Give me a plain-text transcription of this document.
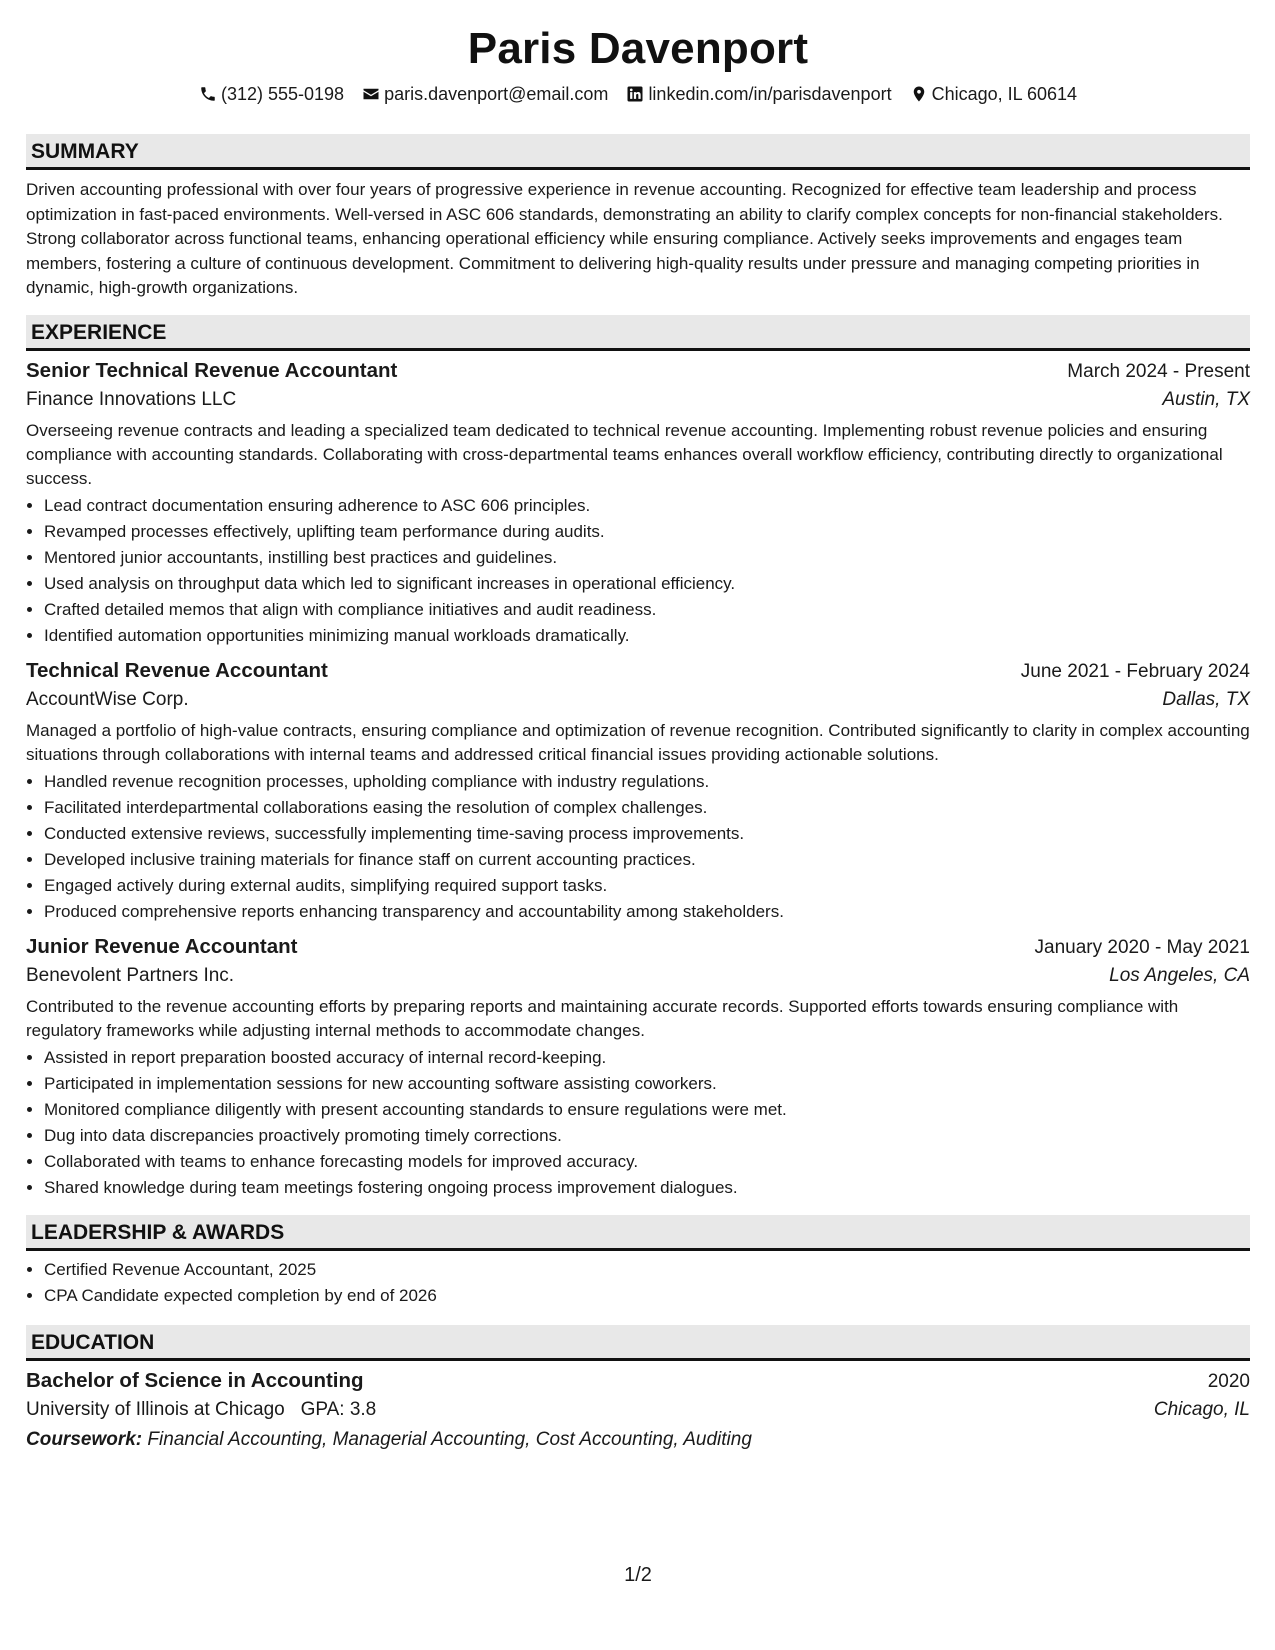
Paris Davenport
(312) 555-0198 paris.davenport@email.com linkedin.com/in/parisdavenport Chicago, IL 60614
SUMMARY
Driven accounting professional with over four years of progressive experience in revenue accounting. Recognized for effective team leadership and process optimization in fast-paced environments. Well-versed in ASC 606 standards, demonstrating an ability to clarify complex concepts for non-financial stakeholders. Strong collaborator across functional teams, enhancing operational efficiency while ensuring compliance. Actively seeks improvements and engages team members, fostering a culture of continuous development. Commitment to delivering high-quality results under pressure and managing competing priorities in dynamic, high-growth organizations.
EXPERIENCE
Senior Technical Revenue Accountant	March 2024 - Present
Finance Innovations LLC	Austin, TX
Overseeing revenue contracts and leading a specialized team dedicated to technical revenue accounting. Implementing robust revenue policies and ensuring compliance with accounting standards. Collaborating with cross-departmental teams enhances overall workflow efficiency, contributing directly to organizational success.
• Lead contract documentation ensuring adherence to ASC 606 principles.
• Revamped processes effectively, uplifting team performance during audits.
• Mentored junior accountants, instilling best practices and guidelines.
• Used analysis on throughput data which led to significant increases in operational efficiency.
• Crafted detailed memos that align with compliance initiatives and audit readiness.
• Identified automation opportunities minimizing manual workloads dramatically.
Technical Revenue Accountant	June 2021 - February 2024
AccountWise Corp.	Dallas, TX
Managed a portfolio of high-value contracts, ensuring compliance and optimization of revenue recognition. Contributed significantly to clarity in complex accounting situations through collaborations with internal teams and addressed critical financial issues providing actionable solutions.
• Handled revenue recognition processes, upholding compliance with industry regulations.
• Facilitated interdepartmental collaborations easing the resolution of complex challenges.
• Conducted extensive reviews, successfully implementing time-saving process improvements.
• Developed inclusive training materials for finance staff on current accounting practices.
• Engaged actively during external audits, simplifying required support tasks.
• Produced comprehensive reports enhancing transparency and accountability among stakeholders.
Junior Revenue Accountant	January 2020 - May 2021
Benevolent Partners Inc.	Los Angeles, CA
Contributed to the revenue accounting efforts by preparing reports and maintaining accurate records. Supported efforts towards ensuring compliance with regulatory frameworks while adjusting internal methods to accommodate changes.
• Assisted in report preparation boosted accuracy of internal record-keeping.
• Participated in implementation sessions for new accounting software assisting coworkers.
• Monitored compliance diligently with present accounting standards to ensure regulations were met.
• Dug into data discrepancies proactively promoting timely corrections.
• Collaborated with teams to enhance forecasting models for improved accuracy.
• Shared knowledge during team meetings fostering ongoing process improvement dialogues.
LEADERSHIP & AWARDS
• Certified Revenue Accountant, 2025
• CPA Candidate expected completion by end of 2026
EDUCATION
Bachelor of Science in Accounting	2020
University of Illinois at Chicago GPA: 3.8	Chicago, IL
Coursework: Financial Accounting, Managerial Accounting, Cost Accounting, Auditing
1/2
